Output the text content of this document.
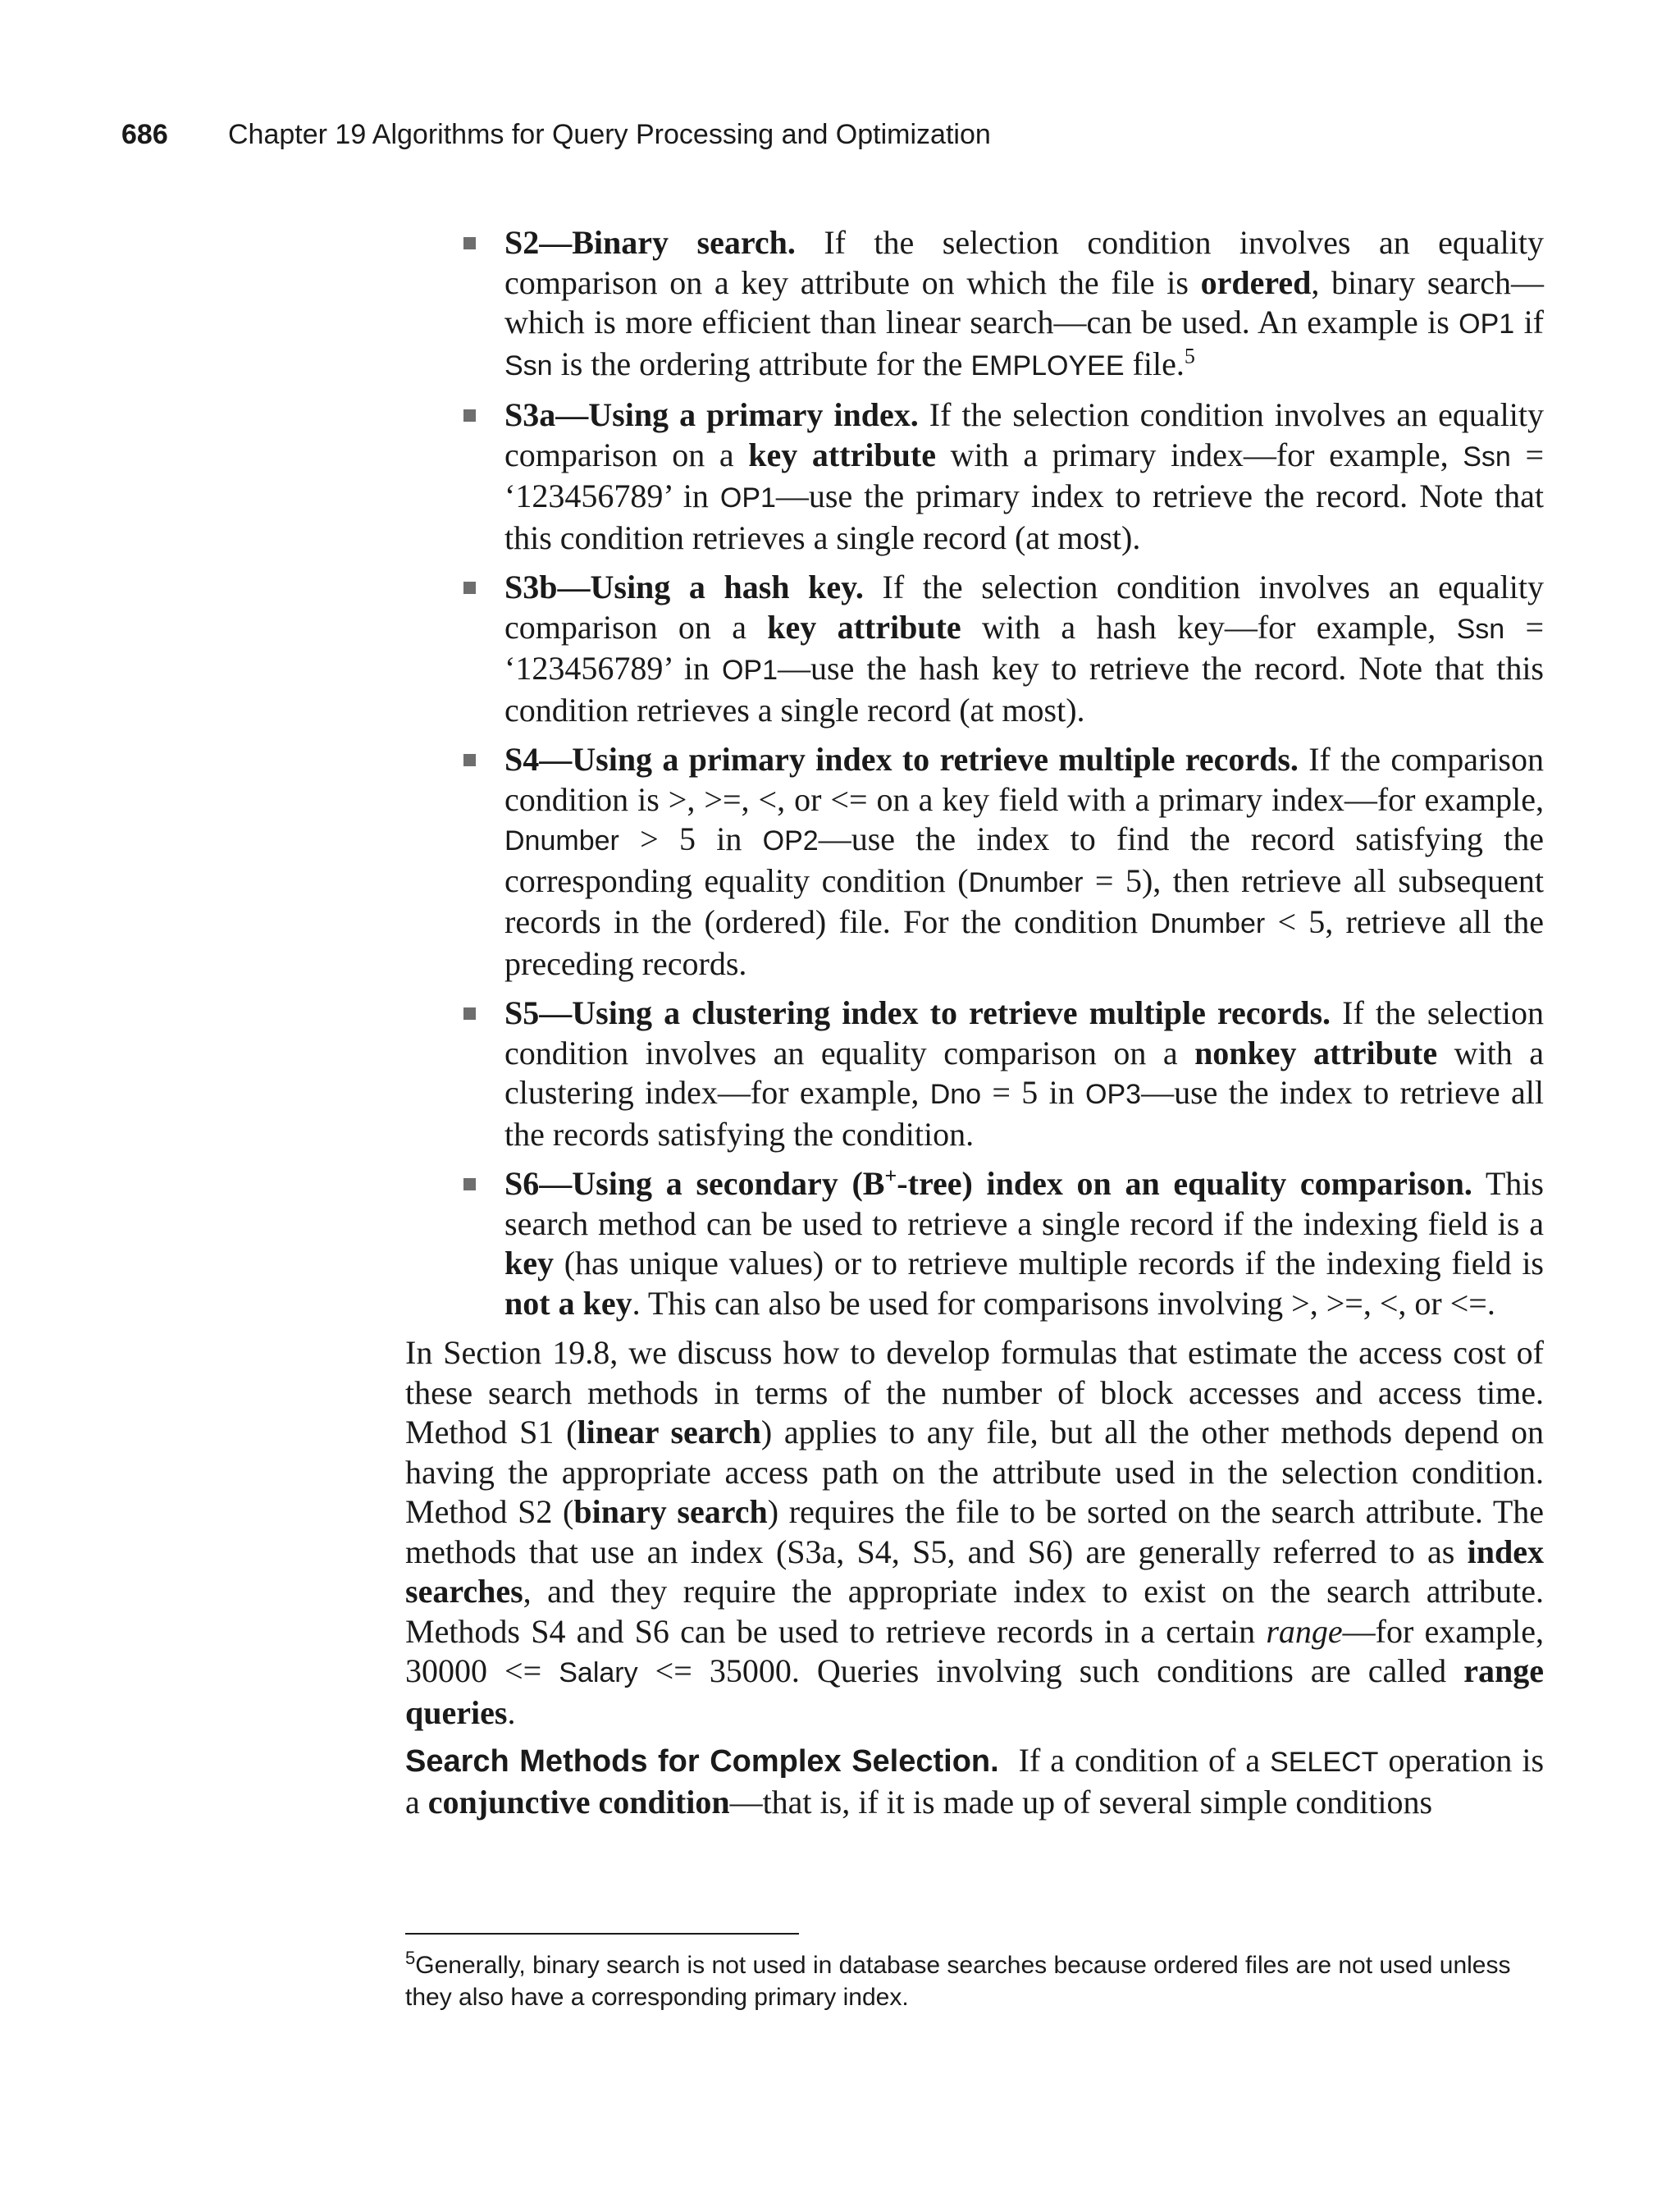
686 Chapter 19 Algorithms for Query Processing and Optimization
S2—Binary search. If the selection condition involves an equality comparison on a key attribute on which the file is ordered, binary search—which is more efficient than linear search—can be used. An example is OP1 if Ssn is the ordering attribute for the EMPLOYEE file.$^5$
S3a—Using a primary index. If the selection condition involves an equality comparison on a key attribute with a primary index—for example, Ssn = ‘123456789’ in OP1—use the primary index to retrieve the record. Note that this condition retrieves a single record (at most).
S3b—Using a hash key. If the selection condition involves an equality comparison on a key attribute with a hash key—for example, Ssn = ‘123456789’ in OP1—use the hash key to retrieve the record. Note that this condition retrieves a single record (at most).
S4—Using a primary index to retrieve multiple records. If the comparison condition is >, >=, <, or <= on a key field with a primary index—for example, Dnumber > 5 in OP2—use the index to find the record satisfying the corresponding equality condition (Dnumber = 5), then retrieve all subsequent records in the (ordered) file. For the condition Dnumber < 5, retrieve all the preceding records.
S5—Using a clustering index to retrieve multiple records. If the selection condition involves an equality comparison on a nonkey attribute with a clustering index—for example, Dno = 5 in OP3—use the index to retrieve all the records satisfying the condition.
S6—Using a secondary (B+-tree) index on an equality comparison. This search method can be used to retrieve a single record if the indexing field is a key (has unique values) or to retrieve multiple records if the indexing field is not a key. This can also be used for comparisons involving >, >=, <, or <=.

In Section 19.8, we discuss how to develop formulas that estimate the access cost of these search methods in terms of the number of block accesses and access time. Method S1 (linear search) applies to any file, but all the other methods depend on having the appropriate access path on the attribute used in the selection condition. Method S2 (binary search) requires the file to be sorted on the search attribute. The methods that use an index (S3a, S4, S5, and S6) are generally referred to as index searches, and they require the appropriate index to exist on the search attribute. Methods S4 and S6 can be used to retrieve records in a certain range—for example, 30000 <= Salary <= 35000. Queries involving such conditions are called range queries.

Search Methods for Complex Selection. If a condition of a SELECT operation is a conjunctive condition—that is, if it is made up of several simple conditions

$^5$Generally, binary search is not used in database searches because ordered files are not used unless they also have a corresponding primary index.
